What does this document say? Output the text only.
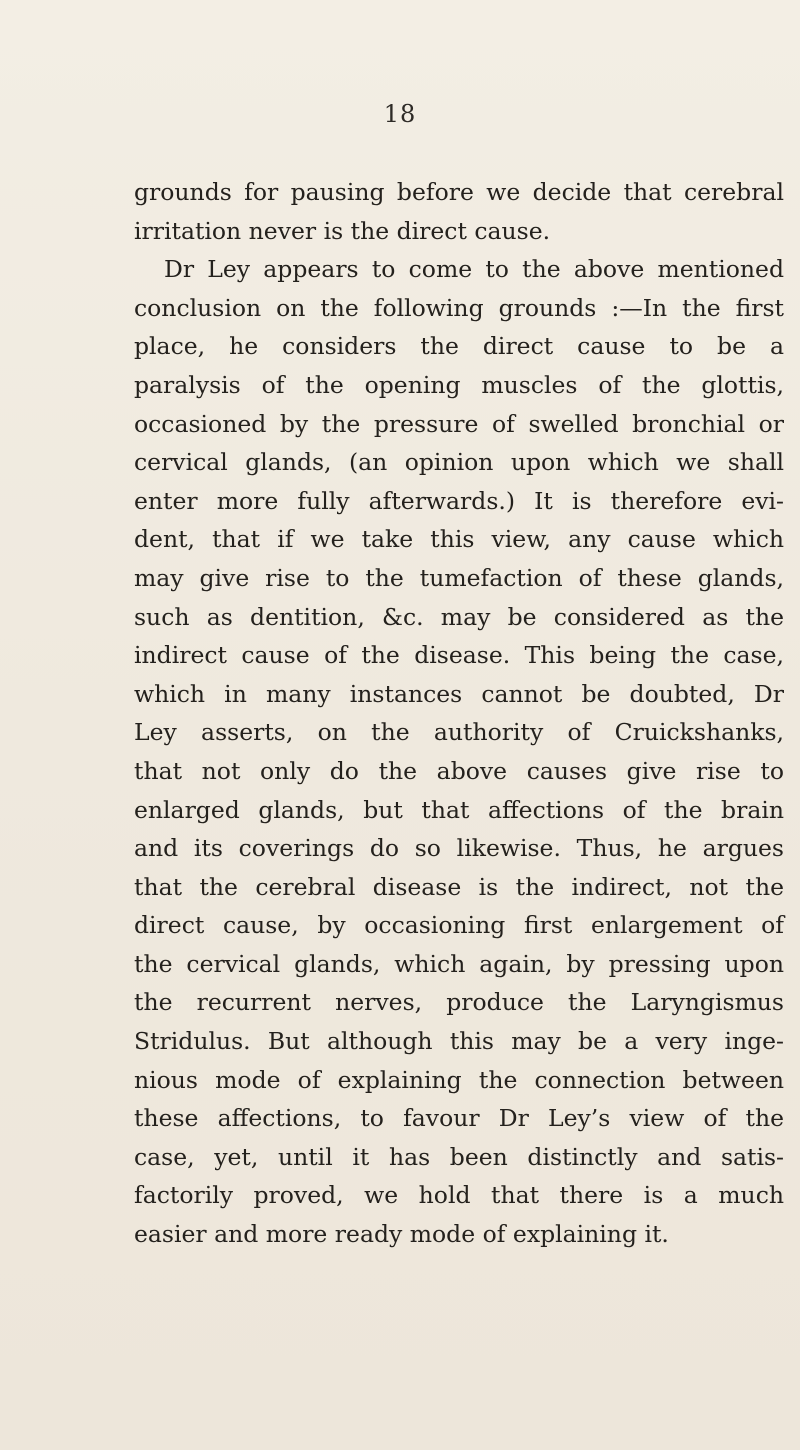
18
grounds for pausing before we decide that cerebral
irritation never is the direct cause.
Dr Ley appears to come to the above mentioned
conclusion on the following grounds :—In the first
place, he considers the direct cause to be a
paralysis of the opening muscles of the glottis,
occasioned by the pressure of swelled bronchial or
cervical glands, (an opinion upon which we shall
enter more fully afterwards.) It is therefore evi-
dent, that if we take this view, any cause which
may give rise to the tumefaction of these glands,
such as dentition, &c. may be considered as the
indirect cause of the disease. This being the case,
which in many instances cannot be doubted, Dr
Ley asserts, on the authority of Cruickshanks,
that not only do the above causes give rise to
enlarged glands, but that affections of the brain
and its coverings do so likewise. Thus, he argues
that the cerebral disease is the indirect, not the
direct cause, by occasioning first enlargement of
the cervical glands, which again, by pressing upon
the recurrent nerves, produce the Laryngismus
Stridulus. But although this may be a very inge-
nious mode of explaining the connection between
these affections, to favour Dr Ley’s view of the
case, yet, until it has been distinctly and satis-
factorily proved, we hold that there is a much
easier and more ready mode of explaining it.
